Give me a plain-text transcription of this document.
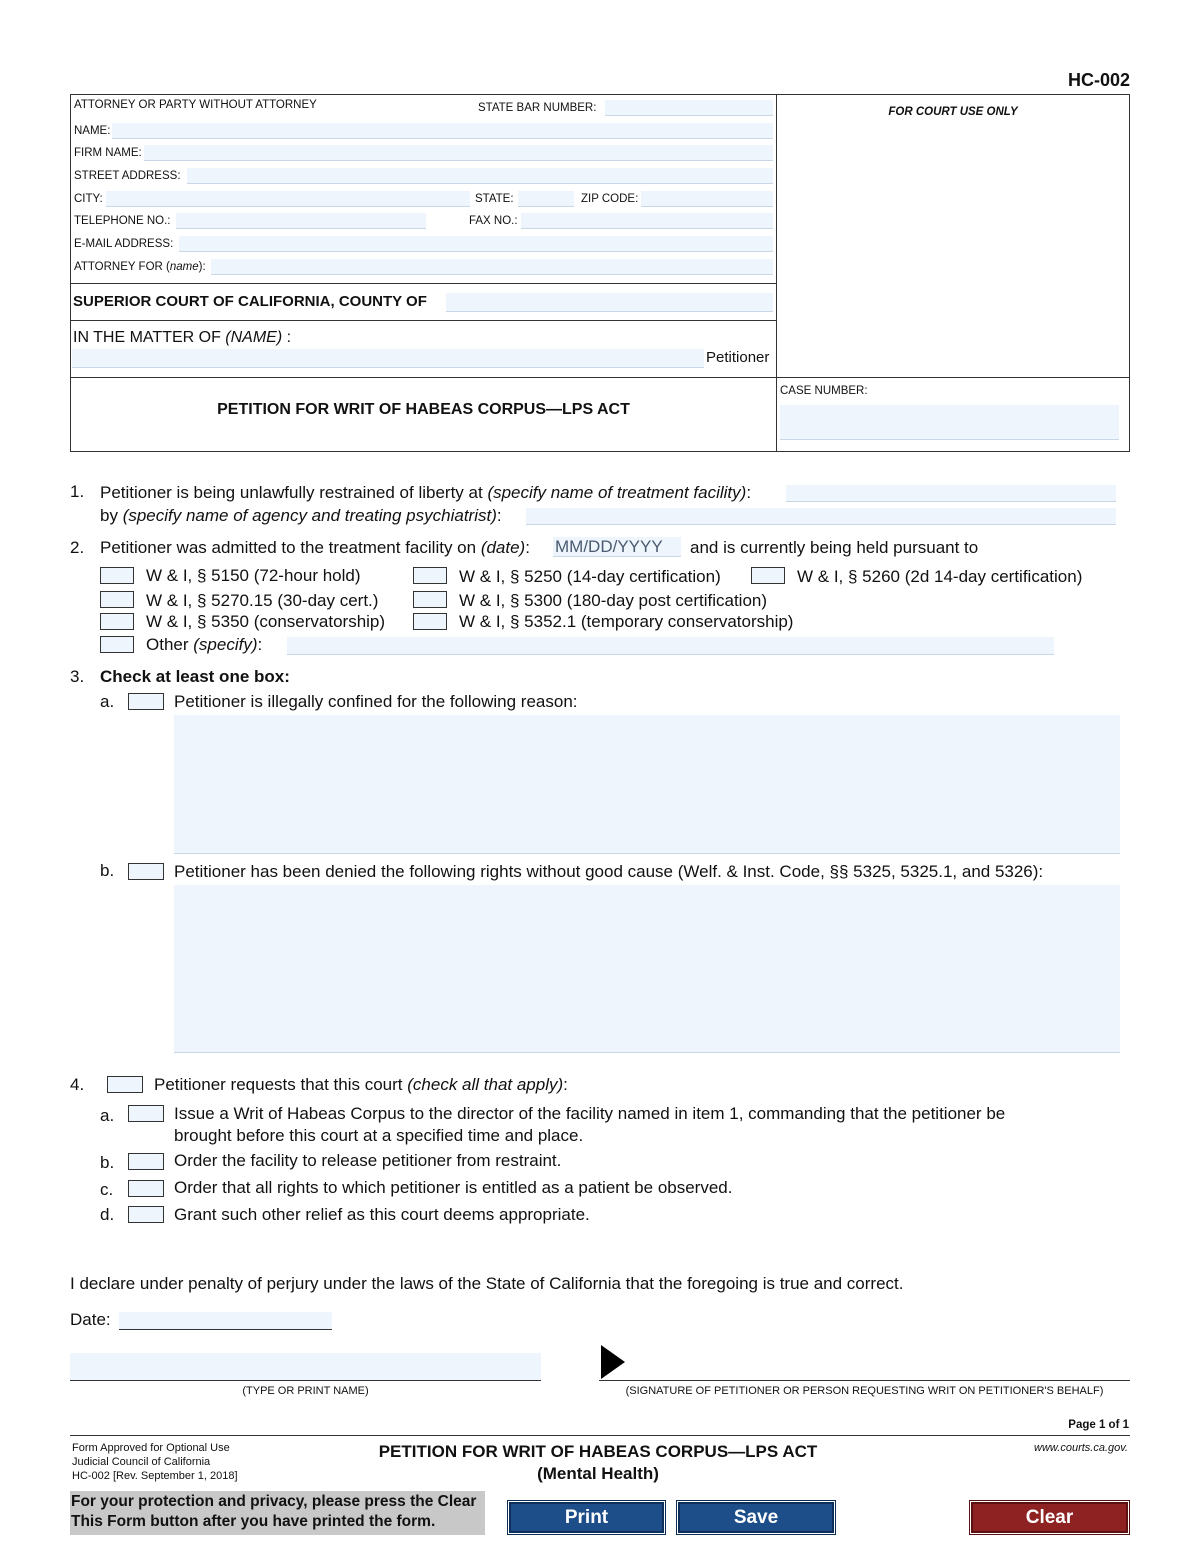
HC-002
ATTORNEY OR PARTY WITHOUT ATTORNEY	STATE BAR NUMBER:
NAME:
FIRM NAME:
STREET ADDRESS:
CITY:	STATE:	ZIP CODE:
TELEPHONE NO.:	FAX NO.:
E-MAIL ADDRESS:
ATTORNEY FOR (name):
SUPERIOR COURT OF CALIFORNIA, COUNTY OF
IN THE MATTER OF (NAME) :
Petitioner
PETITION FOR WRIT OF HABEAS CORPUS—LPS ACT
FOR COURT USE ONLY
CASE NUMBER:
1. Petitioner is being unlawfully restrained of liberty at (specify name of treatment facility):
by (specify name of agency and treating psychiatrist):
2. Petitioner was admitted to the treatment facility on (date): MM/DD/YYYY	and is currently being held pursuant to
W & I, § 5150 (72-hour hold)	W & I, § 5250 (14-day certification)	W & I, § 5260 (2d 14-day certification)
W & I, § 5270.15 (30-day cert.)	W & I, § 5300 (180-day post certification)
W & I, § 5350 (conservatorship)	W & I, § 5352.1 (temporary conservatorship)
Other (specify):
3. Check at least one box:
a.	Petitioner is illegally confined for the following reason:
b.	Petitioner has been denied the following rights without good cause (Welf. & Inst. Code, §§ 5325, 5325.1, and 5326):
4.	Petitioner requests that this court (check all that apply):
a.	Issue a Writ of Habeas Corpus to the director of the facility named in item 1, commanding that the petitioner be
brought before this court at a specified time and place.
b.	Order the facility to release petitioner from restraint.
c.	Order that all rights to which petitioner is entitled as a patient be observed.
d.	Grant such other relief as this court deems appropriate.
I declare under penalty of perjury under the laws of the State of California that the foregoing is true and correct.
Date:
(TYPE OR PRINT NAME)	(SIGNATURE OF PETITIONER OR PERSON REQUESTING WRIT ON PETITIONER'S BEHALF)
Page 1 of 1
Form Approved for Optional Use
Judicial Council of California
HC-002 [Rev. September 1, 2018]
PETITION FOR WRIT OF HABEAS CORPUS—LPS ACT
(Mental Health)
www.courts.ca.gov.
For your protection and privacy, please press the Clear
This Form button after you have printed the form.	Print	Save	Clear
